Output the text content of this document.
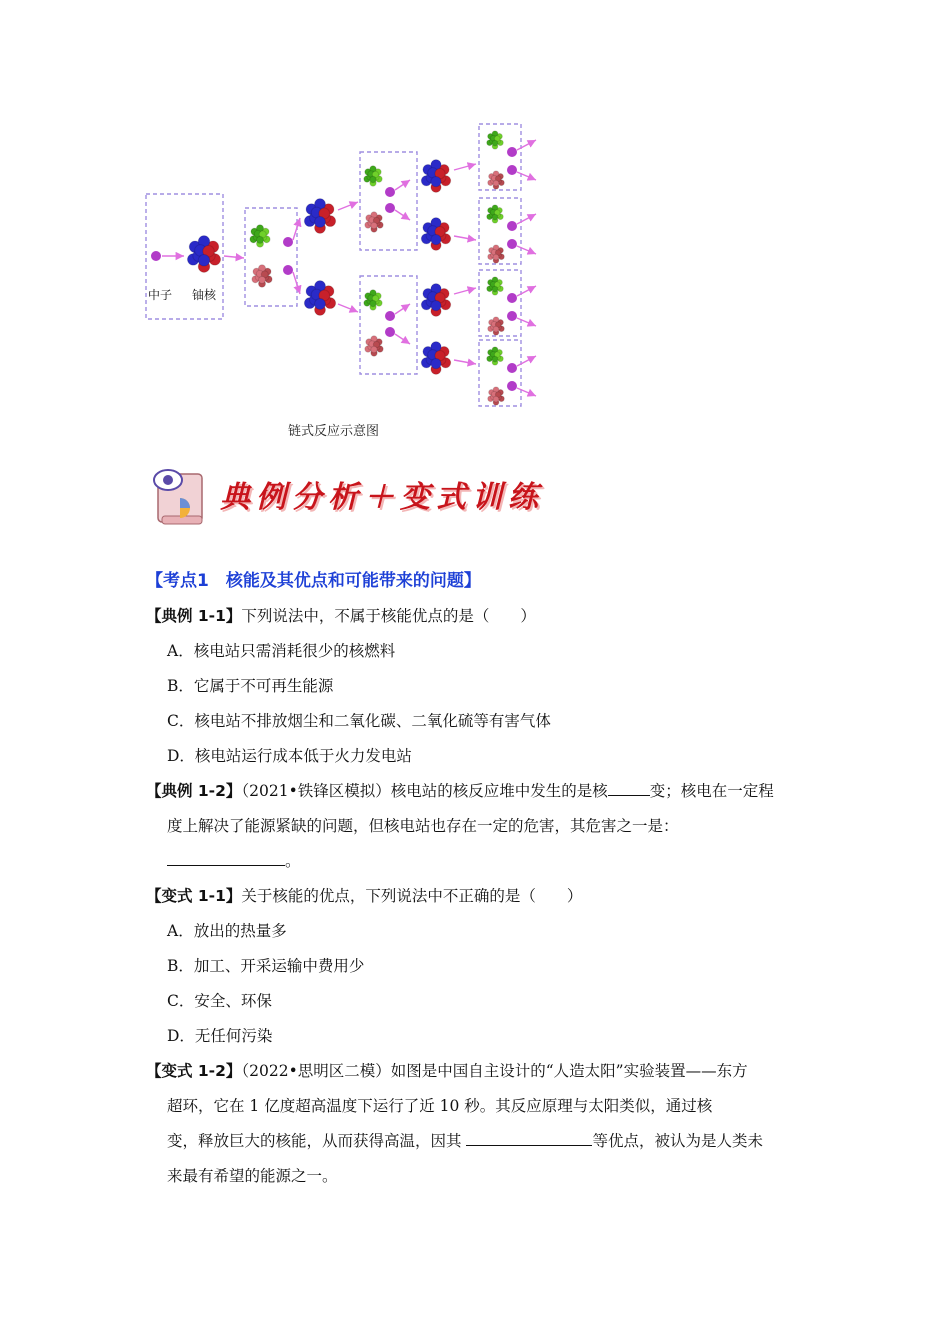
中子 铀核
链式反应示意图
典例分析＋变式训练

【考点1　核能及其优点和可能带来的问题】

【典例 1-1】下列说法中，不属于核能优点的是（　　）

A．核电站只需消耗很少的核燃料

B．它属于不可再生能源

C．核电站不排放烟尘和二氧化碳、二氧化硫等有害气体

D．核电站运行成本低于火力发电站

【典例 1-2】（2021•铁锋区模拟）核电站的核反应堆中发生的是核	变；核电在一定程

度上解决了能源紧缺的问题，但核电站也存在一定的危害，其危害之一是：

。

【变式 1-1】关于核能的优点，下列说法中不正确的是（　　）

A．放出的热量多

B．加工、开采运输中费用少

C．安全、环保

D．无任何污染

【变式 1-2】（2022•思明区二模）如图是中国自主设计的“人造太阳”实验装置——东方

超环，它在 1 亿度超高温度下运行了近 10 秒。其反应原理与太阳类似，通过核

变，释放巨大的核能，从而获得高温，因其	等优点，被认为是人类未

来最有希望的能源之一。
